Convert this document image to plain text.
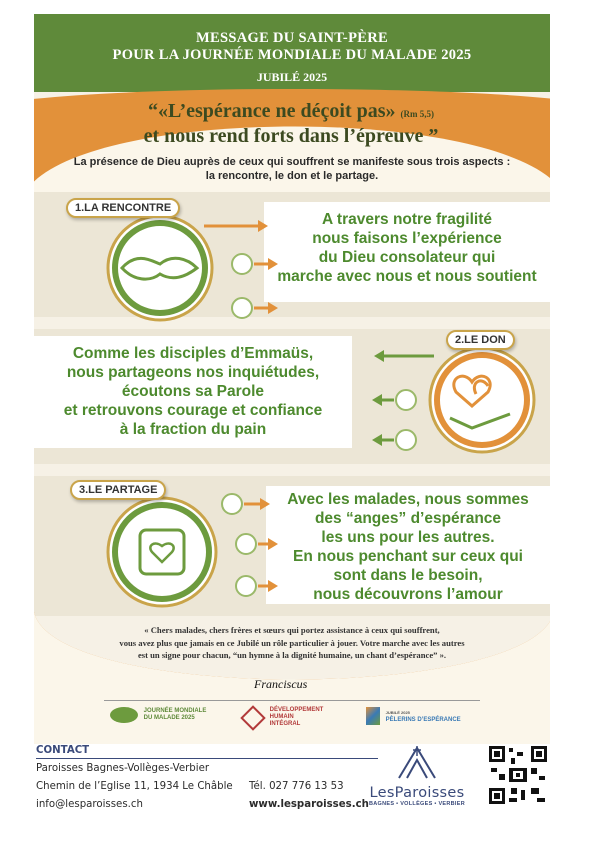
MESSAGE DU SAINT-PÈRE
POUR LA JOURNÉE MONDIALE DU MALADE 2025
JUBILÉ 2025
“«L’espérance ne déçoit pas» (Rm 5,5)
et nous rend forts dans l’épreuve ”
La présence de Dieu auprès de ceux qui souffrent se manifeste sous trois aspects :
la rencontre, le don et le partage.
1.LA RENCONTRE
A travers notre fragilité
nous faisons l’expérience
du Dieu consolateur qui
marche avec nous et nous soutient
2.LE DON
Comme les disciples d’Emmaüs,
nous partageons nos inquiétudes,
écoutons sa Parole
et retrouvons courage et confiance
à la fraction du pain
3.LE PARTAGE
Avec les malades, nous sommes
des “anges” d’espérance
les uns pour les autres.
En nous penchant sur ceux qui
sont dans le besoin,
nous découvrons l’amour
« Chers malades, chers frères et sœurs qui portez assistance à ceux qui souffrent,
vous avez plus que jamais en ce Jubilé un rôle particulier à jouer. Votre marche avec les autres
est un signe pour chacun, “un hymne à la dignité humaine, un chant d’espérance” ».
Franciscus
JOURNÉE MONDIALE
DU MALADE 2025
DÉVELOPPEMENT
HUMAIN
INTÉGRAL
JUBILÉ 2025
PÈLERINS D’ESPÉRANCE
CONTACT
Paroisses Bagnes-Vollèges-Verbier
Chemin de l’Eglise 11, 1934 Le Châble
info@lesparoisses.ch
Tél. 027 776 13 53
www.lesparoisses.ch
LesParoisses
BAGNES • VOLLÈGES • VERBIER
